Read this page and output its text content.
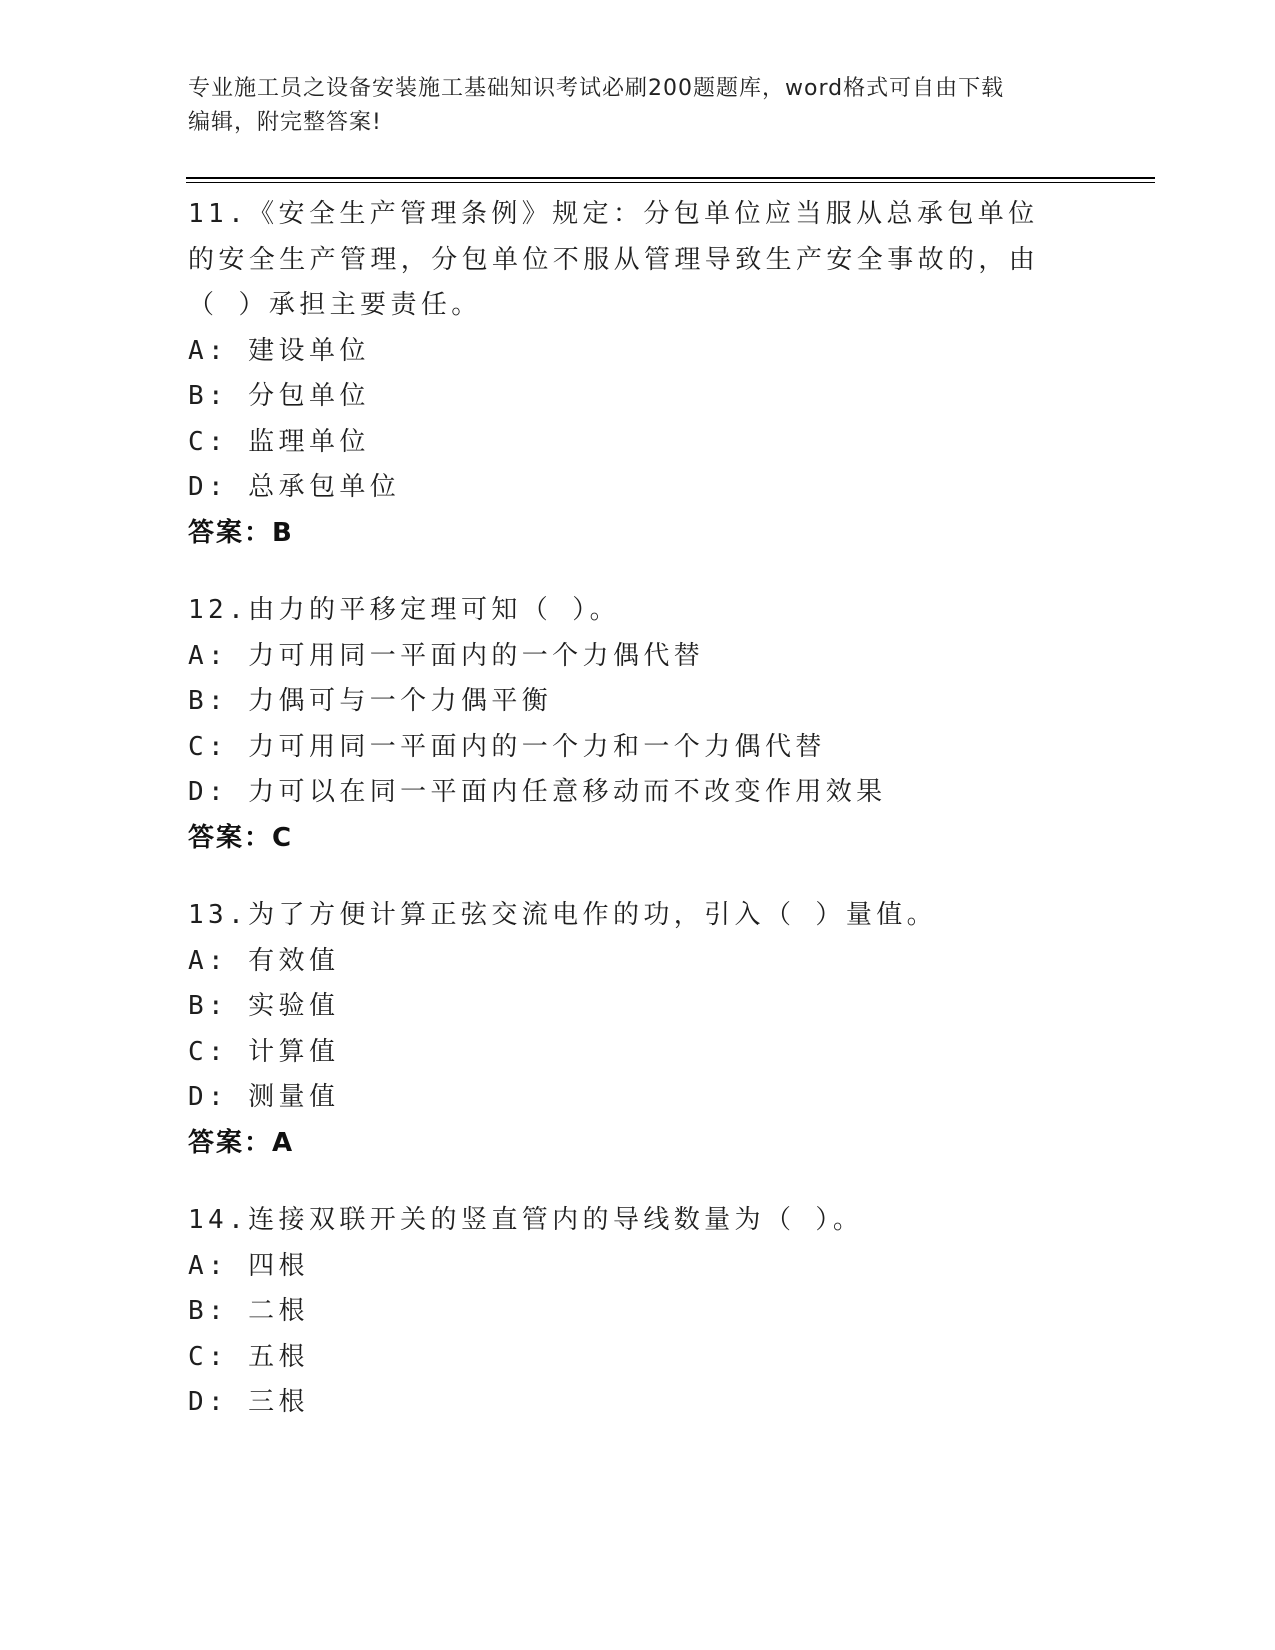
专业施工员之设备安装施工基础知识考试必刷200题题库，word格式可自由下载
编辑，附完整答案!
11.《安全生产管理条例》规定：分包单位应当服从总承包单位的安全生产管理，分包单位不服从管理导致生产安全事故的，由（ ）承担主要责任。
A: 建设单位
B: 分包单位
C: 监理单位
D: 总承包单位
答案：B
12.由力的平移定理可知（ ）。
A: 力可用同一平面内的一个力偶代替
B: 力偶可与一个力偶平衡
C: 力可用同一平面内的一个力和一个力偶代替
D: 力可以在同一平面内任意移动而不改变作用效果
答案：C
13.为了方便计算正弦交流电作的功，引入（ ）量值。
A: 有效值
B: 实验值
C: 计算值
D: 测量值
答案：A
14.连接双联开关的竖直管内的导线数量为（ ）。
A: 四根
B: 二根
C: 五根
D: 三根
